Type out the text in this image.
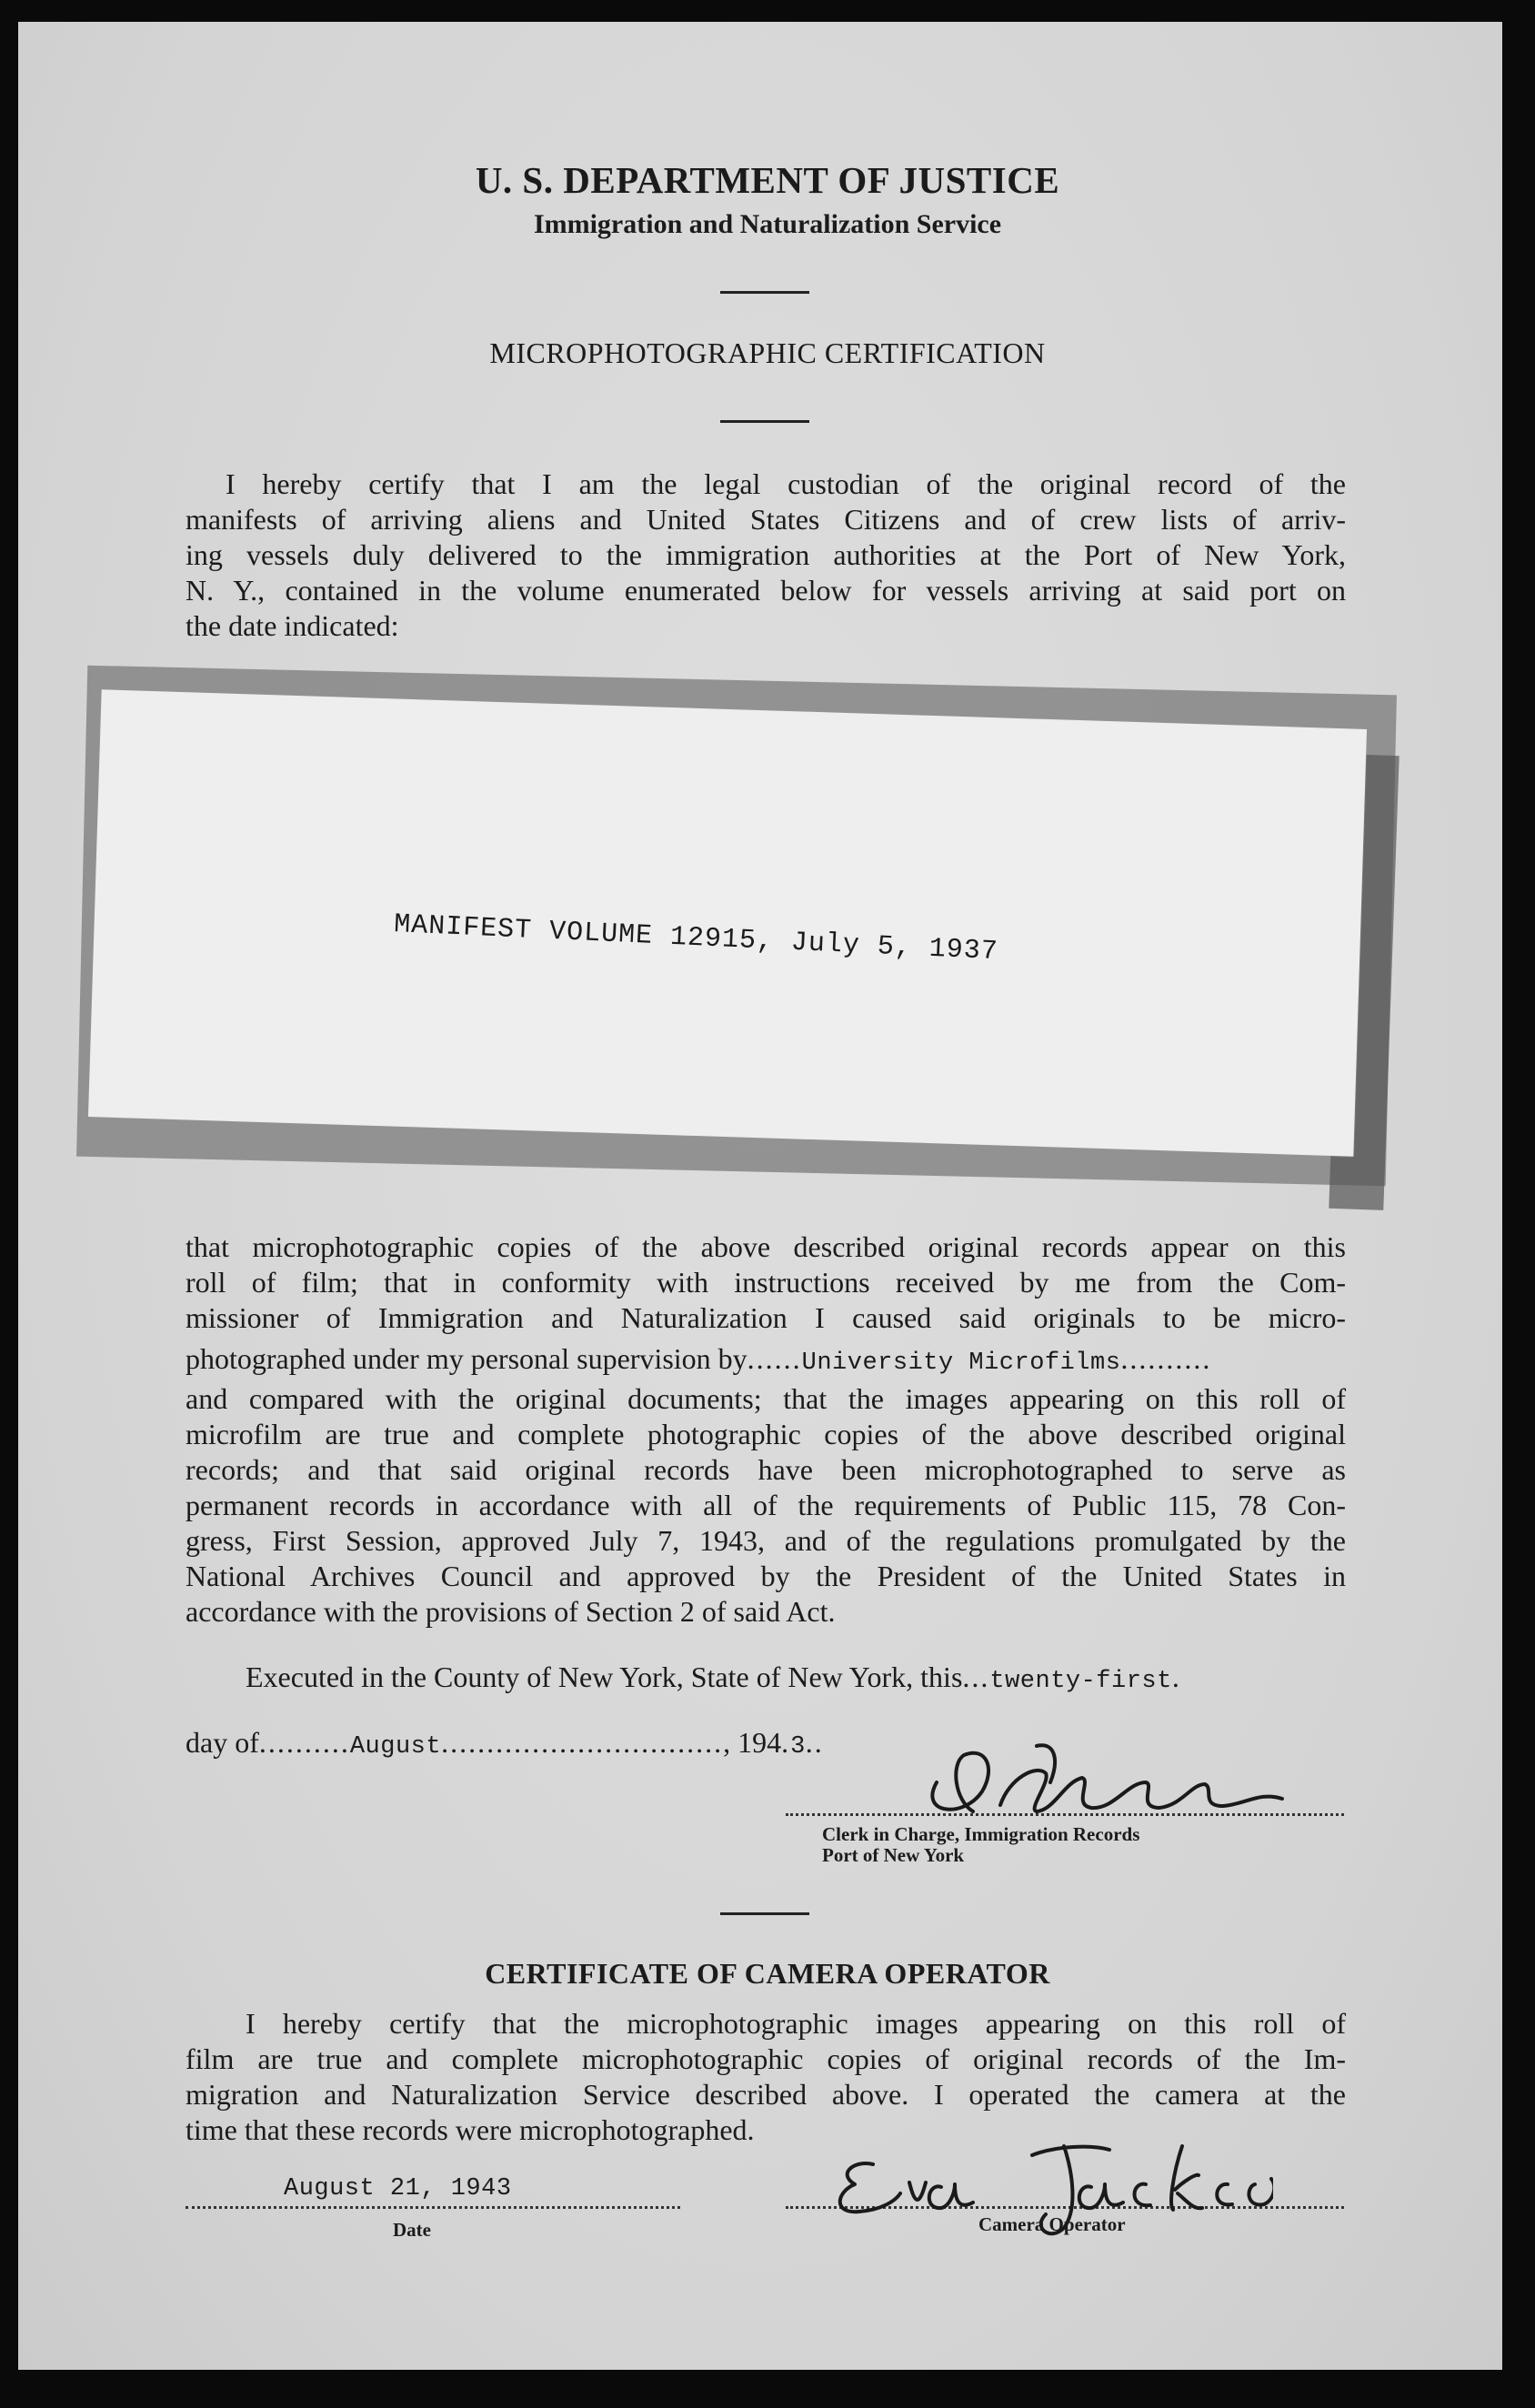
U. S. DEPARTMENT OF JUSTICE
Immigration and Naturalization Service
MICROPHOTOGRAPHIC CERTIFICATION
I hereby certify that I am the legal custodian of the original record of the
manifests of arriving aliens and United States Citizens and of crew lists of arriv-
ing vessels duly delivered to the immigration authorities at the Port of New York,
N. Y., contained in the volume enumerated below for vessels arriving at said port on
the date indicated:
MANIFEST VOLUME 12915, July 5, 1937
that microphotographic copies of the above described original records appear on this
roll of film; that in conformity with instructions received by me from the Com-
missioner of Immigration and Naturalization I caused said originals to be micro-
photographed under my personal supervision by......University Microfilms..........
and compared with the original documents; that the images appearing on this roll of
microfilm are true and complete photographic copies of the above described original
records; and that said original records have been microphotographed to serve as
permanent records in accordance with all of the requirements of Public 115, 78 Con-
gress, First Session, approved July 7, 1943, and of the regulations promulgated by the
National Archives Council and approved by the President of the United States in
accordance with the provisions of Section 2 of said Act.
Executed in the County of New York, State of New York, this...twenty-first.
day of..........August..............................., 194.3..
Clerk in Charge, Immigration Records
Port of New York
CERTIFICATE OF CAMERA OPERATOR
I hereby certify that the microphotographic images appearing on this roll of
film are true and complete microphotographic copies of original records of the Im-
migration and Naturalization Service described above. I operated the camera at the
time that these records were microphotographed.
August 21, 1943
Date	Camera Operator
